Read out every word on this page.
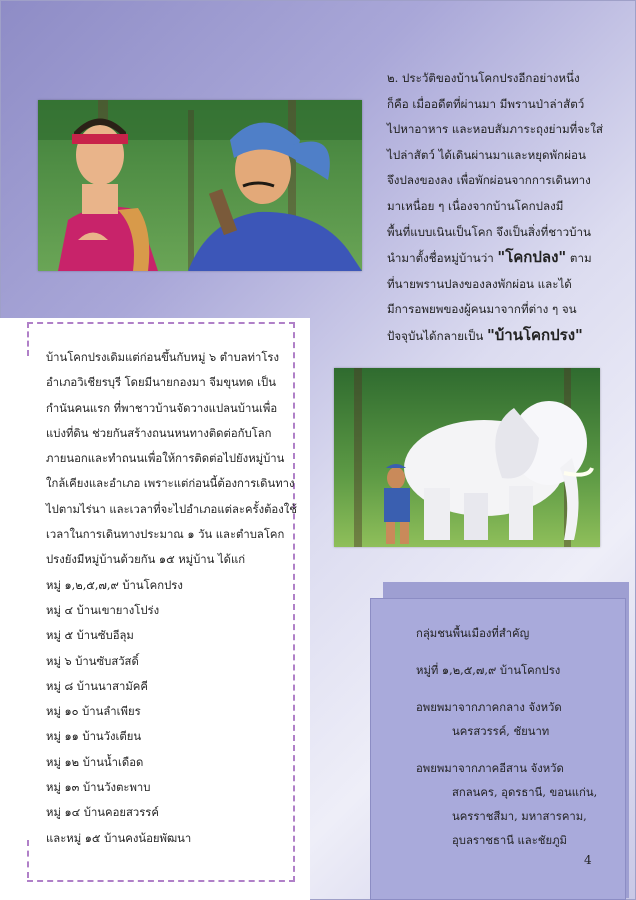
๒. ประวัติของบ้านโคกปรงอีกอย่างหนึ่ง

ก็คือ เมื่ออดีตที่ผ่านมา มีพรานป่าล่าสัตว์

ไปหาอาหาร และหอบสัมภาระถุงย่ามที่จะใส่

ไปล่าสัตว์ ได้เดินผ่านมาและหยุดพักผ่อน

จึงปลงของลง เพื่อพักผ่อนจากการเดินทาง

มาเหนื่อย ๆ เนื่องจากบ้านโคกปลงมี

พื้นที่แบบเนินเป็นโคก จึงเป็นสิ่งที่ชาวบ้าน

นำมาตั้งชื่อหมู่บ้านว่า "โคกปลง" ตาม

ที่นายพรานปลงของลงพักผ่อน และได้

มีการอพยพของผู้คนมาจากที่ต่าง ๆ จน

ปัจจุบันได้กลายเป็น "บ้านโคกปรง"

บ้านโคกปรงเดิมแต่ก่อนขึ้นกับหมู่ ๖ ตำบลท่าโรง

อำเภอวิเชียรบุรี โดยมีนายกองมา จีมขุนทด เป็น

กำนันคนแรก ที่พาชาวบ้านจัดวางแปลนบ้านเพื่อ

แบ่งที่ดิน ช่วยกันสร้างถนนหนทางติดต่อกับโลก

ภายนอกและทำถนนเพื่อให้การติดต่อไปยังหมู่บ้าน

ใกล้เคียงและอำเภอ เพราะแต่ก่อนนี้ต้องการเดินทาง

ไปตามไร่นา และเวลาที่จะไปอำเภอแต่ละครั้งต้องใช้

เวลาในการเดินทางประมาณ ๑ วัน และตำบลโคก

ปรงยังมีหมู่บ้านด้วยกัน ๑๕ หมู่บ้าน ได้แก่

หมู่ ๑,๒,๕,๗,๙ บ้านโคกปรง

หมู่ ๔ บ้านเขายางโปร่ง

หมู่ ๕ บ้านซับอีลุม

หมู่ ๖ บ้านซับสวัสดิ์

หมู่ ๘ บ้านนาสามัคคี

หมู่ ๑๐ บ้านลำเพียร

หมู่ ๑๑ บ้านวังเตียน

หมู่ ๑๒ บ้านน้ำเดือด

หมู่ ๑๓ บ้านวังตะพาบ

หมู่ ๑๔ บ้านคอยสวรรค์

และหมู่ ๑๕ บ้านคงน้อยพัฒนา

กลุ่มชนพื้นเมืองที่สำคัญ

หมู่ที่ ๑,๒,๕,๗,๙ บ้านโคกปรง

อพยพมาจากภาคกลาง จังหวัด

นครสวรรค์, ชัยนาท

อพยพมาจากภาคอีสาน จังหวัด

สกลนคร, อุดรธานี, ขอนแก่น,

นครราชสีมา, มหาสารคาม,

อุบลราชธานี และชัยภูมิ

4
